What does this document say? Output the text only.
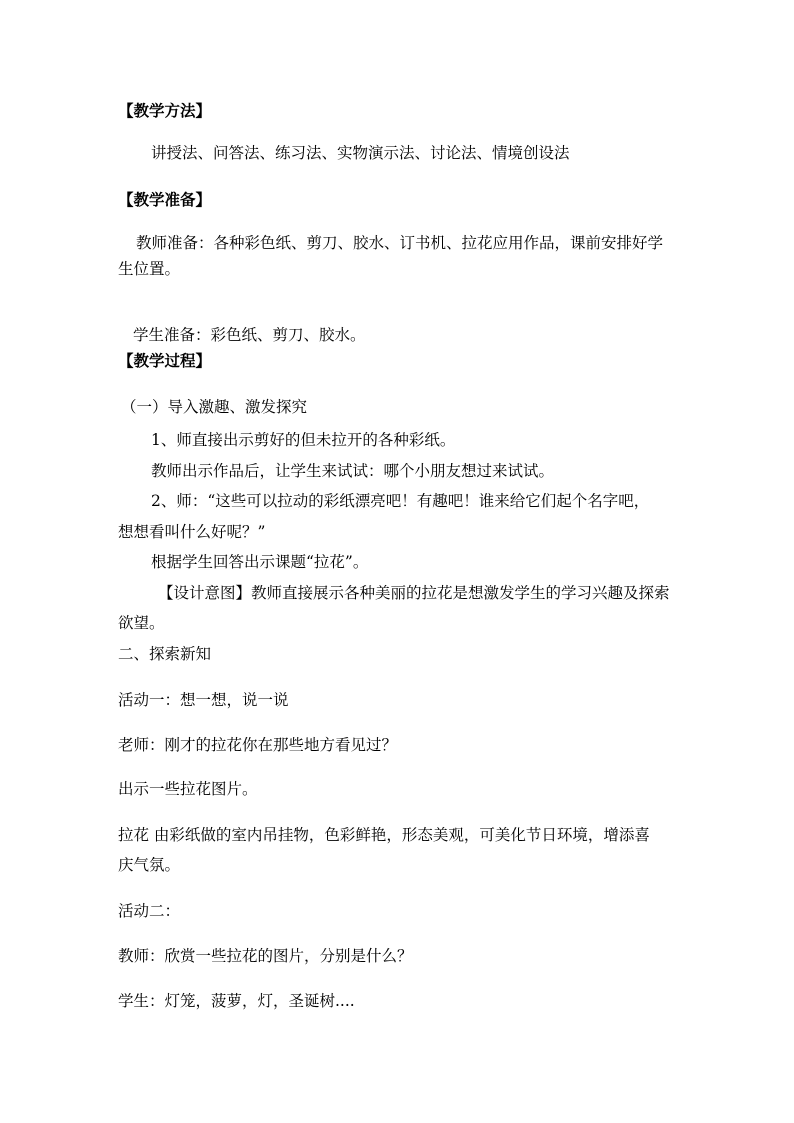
【教学方法】
讲授法、问答法、练习法、实物演示法、讨论法、情境创设法
【教学准备】
教师准备：各种彩色纸、剪刀、胶水、订书机、拉花应用作品，课前安排好学
生位置。
学生准备：彩色纸、剪刀、胶水。
【教学过程】
（一）导入激趣、激发探究
1、师直接出示剪好的但未拉开的各种彩纸。
教师出示作品后，让学生来试试：哪个小朋友想过来试试。
2、师：“这些可以拉动的彩纸漂亮吧！有趣吧！谁来给它们起个名字吧，
想想看叫什么好呢？”
根据学生回答出示课题“拉花”。
【设计意图】教师直接展示各种美丽的拉花是想激发学生的学习兴趣及探索
欲望。
二、探索新知
活动一：想一想，说一说
老师：刚才的拉花你在那些地方看见过？
出示一些拉花图片。
拉花 由彩纸做的室内吊挂物，色彩鲜艳，形态美观，可美化节日环境，增添喜
庆气氛。
活动二：
教师：欣赏一些拉花的图片，分别是什么？
学生：灯笼，菠萝，灯，圣诞树....
